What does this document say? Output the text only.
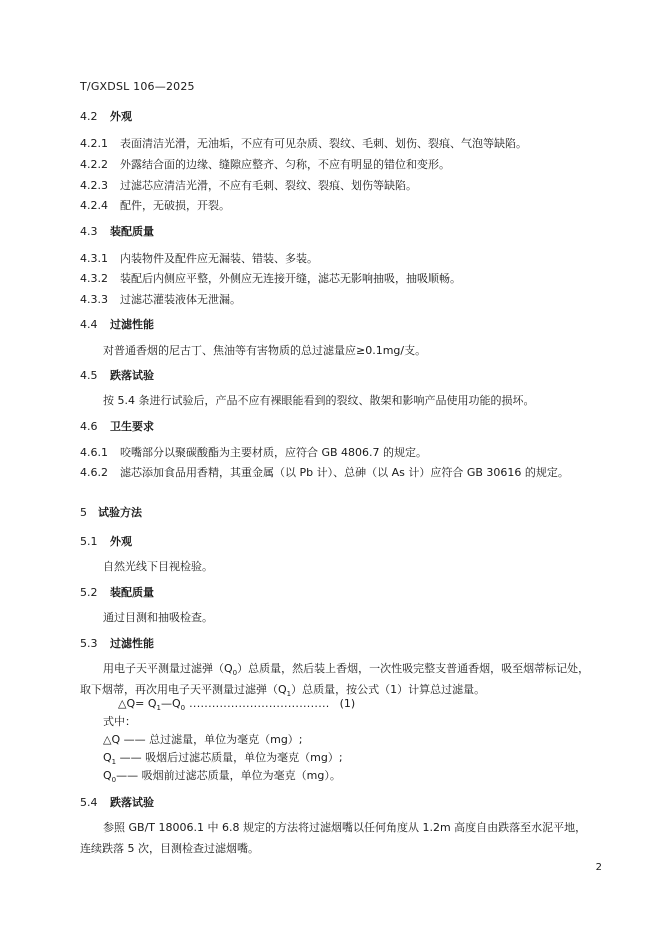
T/GXDSL 106—2025
4.2 外观
4.2.1 表面清洁光滑，无油垢，不应有可见杂质、裂纹、毛刺、划伤、裂痕、气泡等缺陷。
4.2.2 外露结合面的边缘、缝隙应整齐、匀称，不应有明显的错位和变形。
4.2.3 过滤芯应清洁光滑，不应有毛刺、裂纹、裂痕、划伤等缺陷。
4.2.4 配件，无破损，开裂。
4.3 装配质量
4.3.1 内装物件及配件应无漏装、错装、多装。
4.3.2 装配后内侧应平整，外侧应无连接开缝，滤芯无影响抽吸，抽吸顺畅。
4.3.3 过滤芯灌装液体无泄漏。
4.4 过滤性能
对普通香烟的尼古丁、焦油等有害物质的总过滤量应≥0.1mg/支。
4.5 跌落试验
按 5.4 条进行试验后，产品不应有裸眼能看到的裂纹、散架和影响产品使用功能的损坏。
4.6 卫生要求
4.6.1 咬嘴部分以聚碳酸酯为主要材质，应符合 GB 4806.7 的规定。
4.6.2 滤芯添加食品用香精，其重金属（以 Pb 计）、总砷（以 As 计）应符合 GB 30616 的规定。
5 试验方法
5.1 外观
自然光线下目视检验。
5.2 装配质量
通过目测和抽吸检查。
5.3 过滤性能
用电子天平测量过滤弹$(Q_0)$总质量，然后装上香烟，一次性吸完整支普通香烟，吸至烟蒂标记处，
取下烟蒂，再次用电子天平测量过滤弹$(Q_1)$总质量，按公式（1）计算总过滤量。
△Q= $Q_1—Q_0$ ..................................... (1)
式中：
△Q —— 总过滤量，单位为毫克（mg）;
$Q_1$ —— 吸烟后过滤芯质量，单位为毫克（mg）;
$Q_0——$ 吸烟前过滤芯质量，单位为毫克（mg）。
5.4 跌落试验
参照 GB/T 18006.1 中 6.8 规定的方法将过滤烟嘴以任何角度从 1.2m 高度自由跌落至水泥平地，
连续跌落 5 次，目测检查过滤烟嘴。
2
